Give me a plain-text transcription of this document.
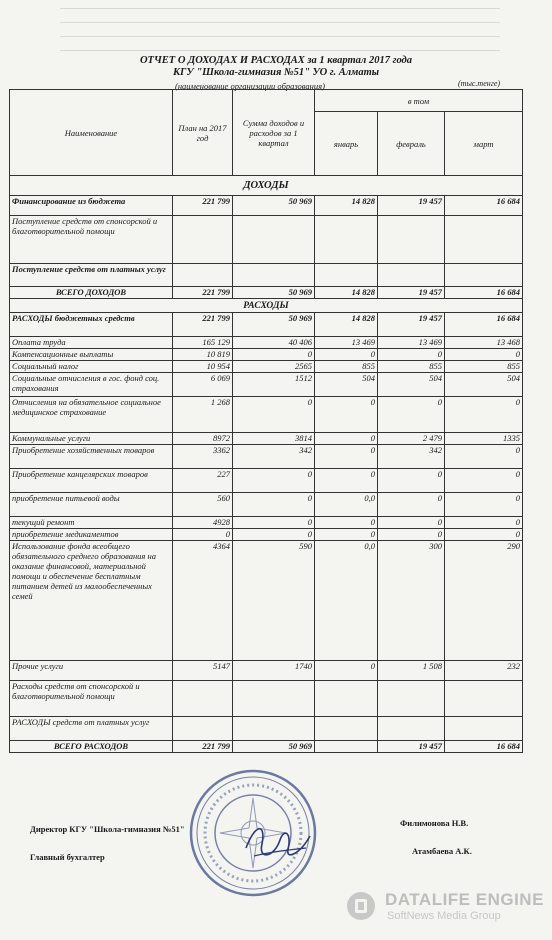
ОТЧЕТ О ДОХОДАХ И РАСХОДАХ за 1 квартал 2017 года
КГУ "Школа-гимназия №51" УО г. Алматы
(наименование организации образования)	(тыс.тенге)
Наименование	План на 2017 год	Сумма доходов и расходов за 1 квартал	в том		
			январь	февраль	март
ДОХОДЫ					
Финансирование из бюджета	221 799	50 969	14 828	19 457	16 684
Поступление средств от спонсорской и благотворительной помощи					
Поступление средств от платных услуг					
ВСЕГО ДОХОДОВ	221 799	50 969	14 828	19 457	16 684
РАСХОДЫ					
РАСХОДЫ бюджетных средств	221 799	50 969	14 828	19 457	16 684
Оплата труда	165 129	40 406	13 469	13 469	13 468
Компенсационные выплаты	10 819	0	0	0	0
Социальный налог	10 954	2565	855	855	855
Социальные отчисления в гос. фонд соц. страхования	6 069	1512	504	504	504
Отчисления на обязательное социальное медицинское страхование	1 268	0	0	0	0
Коммунальные услуги	8972	3814	0	2 479	1335
Приобретение хозяйственных товаров	3362	342	0	342	0
Приобретение канцелярских товаров	227	0	0	0	0
приобретение питьевой воды	560	0	0,0	0	0
текущий ремонт	4928	0	0	0	0
приобретение медикаментов	0	0	0	0	0
Использование фонда всеобщего обязательного среднего образования на оказание финансовой, материальной помощи и обеспечение бесплатным питанием детей из малообеспеченных семей	4364	590	0,0	300	290
Прочие услуги	5147	1740	0	1 508	232
Расходы средств от спонсорской и благотворительной помощи					
РАСХОДЫ средств от платных услуг					
ВСЕГО РАСХОДОВ	221 799	50 969		19 457	16 684
Директор КГУ "Школа-гимназия №51"
Филимонова Н.В.
Главный бухгалтер
Атамбаева А.К.
DATALIFE ENGINE
SoftNews Media Group
